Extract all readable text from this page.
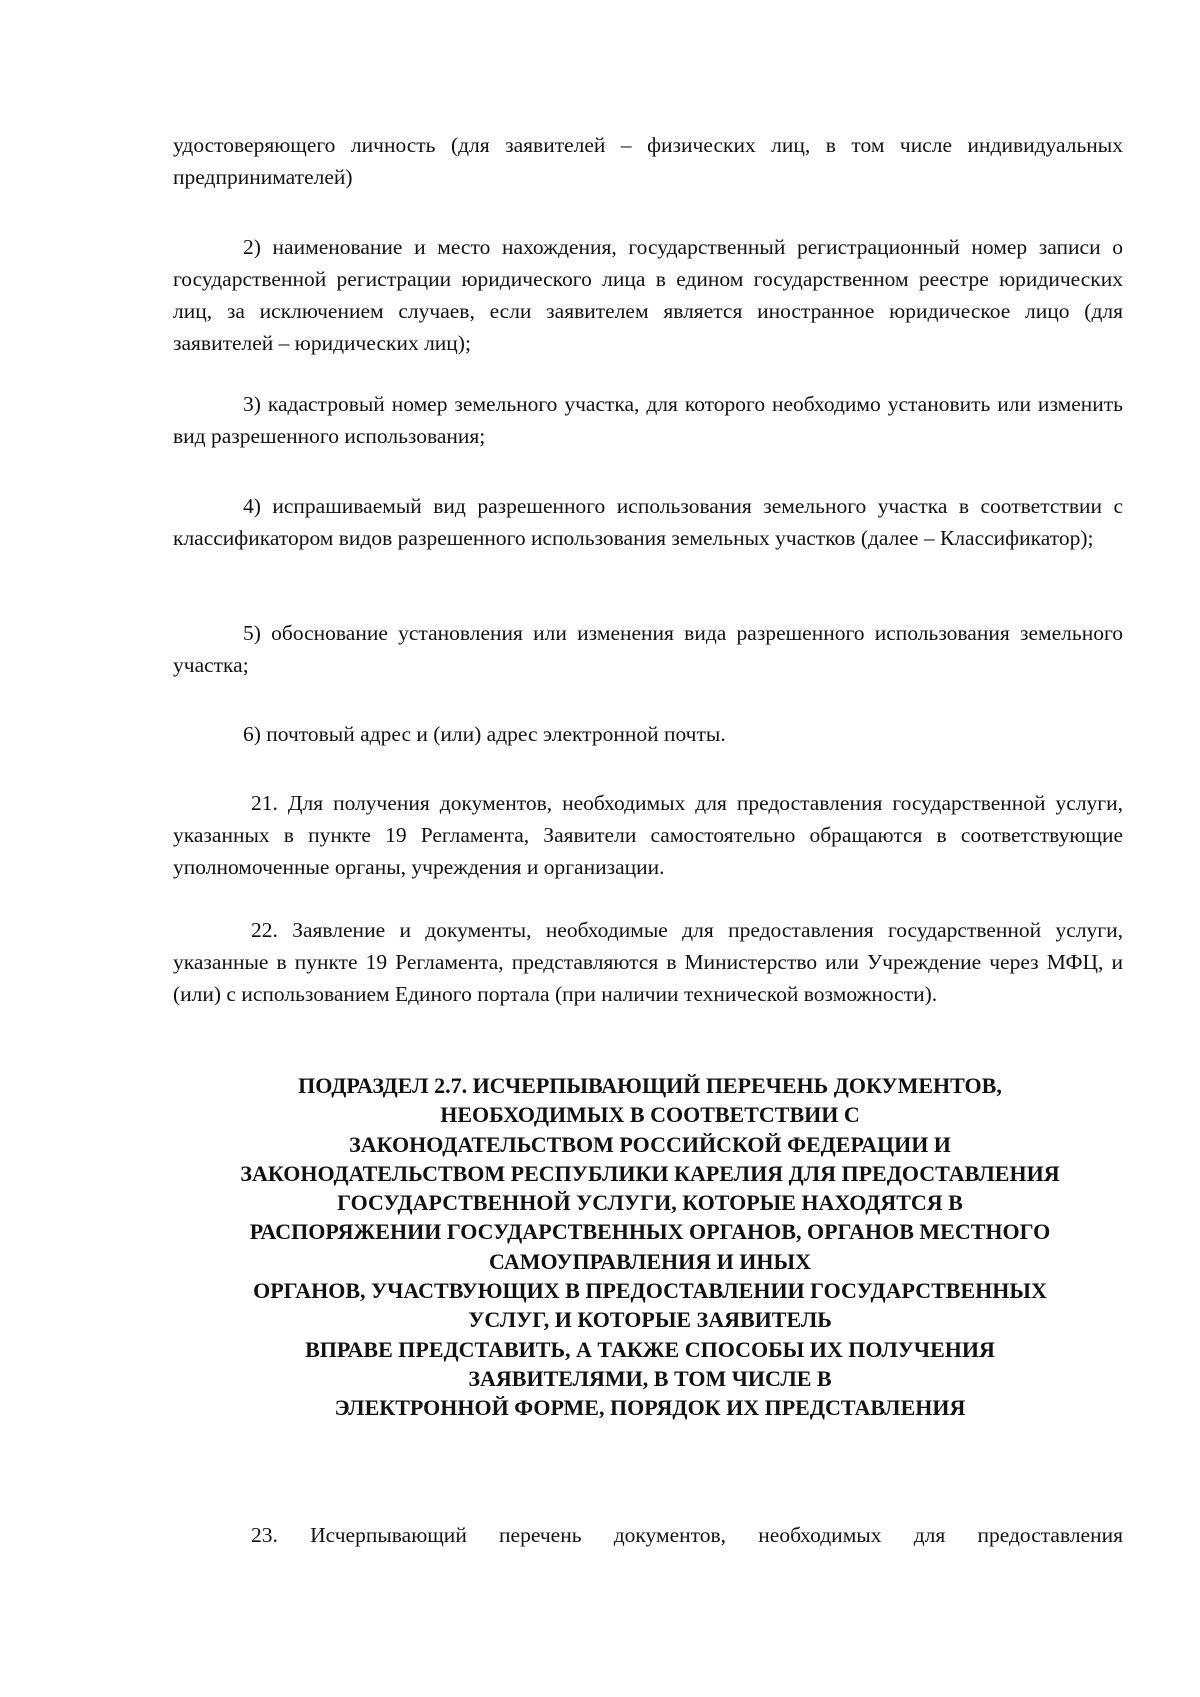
удостоверяющего личность (для заявителей – физических лиц, в том числе индивидуальных предпринимателей)

2) наименование и место нахождения, государственный регистрационный номер записи о государственной регистрации юридического лица в едином государственном реестре юридических лиц, за исключением случаев, если заявителем является иностранное юридическое лицо (для заявителей – юридических лиц);

3) кадастровый номер земельного участка, для которого необходимо установить или изменить вид разрешенного использования;

4) испрашиваемый вид разрешенного использования земельного участка в соответствии с классификатором видов разрешенного использования земельных участков (далее – Классификатор);

5) обоснование установления или изменения вида разрешенного использования земельного участка;

6) почтовый адрес и (или) адрес электронной почты.

21. Для получения документов, необходимых для предоставления государственной услуги, указанных в пункте 19 Регламента, Заявители самостоятельно обращаются в соответствующие уполномоченные органы, учреждения и организации.

22. Заявление и документы, необходимые для предоставления государственной услуги, указанные в пункте 19 Регламента, представляются в Министерство или Учреждение через МФЦ, и (или) с использованием Единого портала (при наличии технической возможности).

ПОДРАЗДЕЛ 2.7. ИСЧЕРПЫВАЮЩИЙ ПЕРЕЧЕНЬ ДОКУМЕНТОВ,
НЕОБХОДИМЫХ В СООТВЕТСТВИИ С
ЗАКОНОДАТЕЛЬСТВОМ РОССИЙСКОЙ ФЕДЕРАЦИИ И
ЗАКОНОДАТЕЛЬСТВОМ РЕСПУБЛИКИ КАРЕЛИЯ ДЛЯ ПРЕДОСТАВЛЕНИЯ
ГОСУДАРСТВЕННОЙ УСЛУГИ, КОТОРЫЕ НАХОДЯТСЯ В
РАСПОРЯЖЕНИИ ГОСУДАРСТВЕННЫХ ОРГАНОВ, ОРГАНОВ МЕСТНОГО
САМОУПРАВЛЕНИЯ И ИНЫХ
ОРГАНОВ, УЧАСТВУЮЩИХ В ПРЕДОСТАВЛЕНИИ ГОСУДАРСТВЕННЫХ
УСЛУГ, И КОТОРЫЕ ЗАЯВИТЕЛЬ
ВПРАВЕ ПРЕДСТАВИТЬ, А ТАКЖЕ СПОСОБЫ ИХ ПОЛУЧЕНИЯ
ЗАЯВИТЕЛЯМИ, В ТОМ ЧИСЛЕ В
ЭЛЕКТРОННОЙ ФОРМЕ, ПОРЯДОК ИХ ПРЕДСТАВЛЕНИЯ

23. Исчерпывающий перечень документов, необходимых для предоставления
